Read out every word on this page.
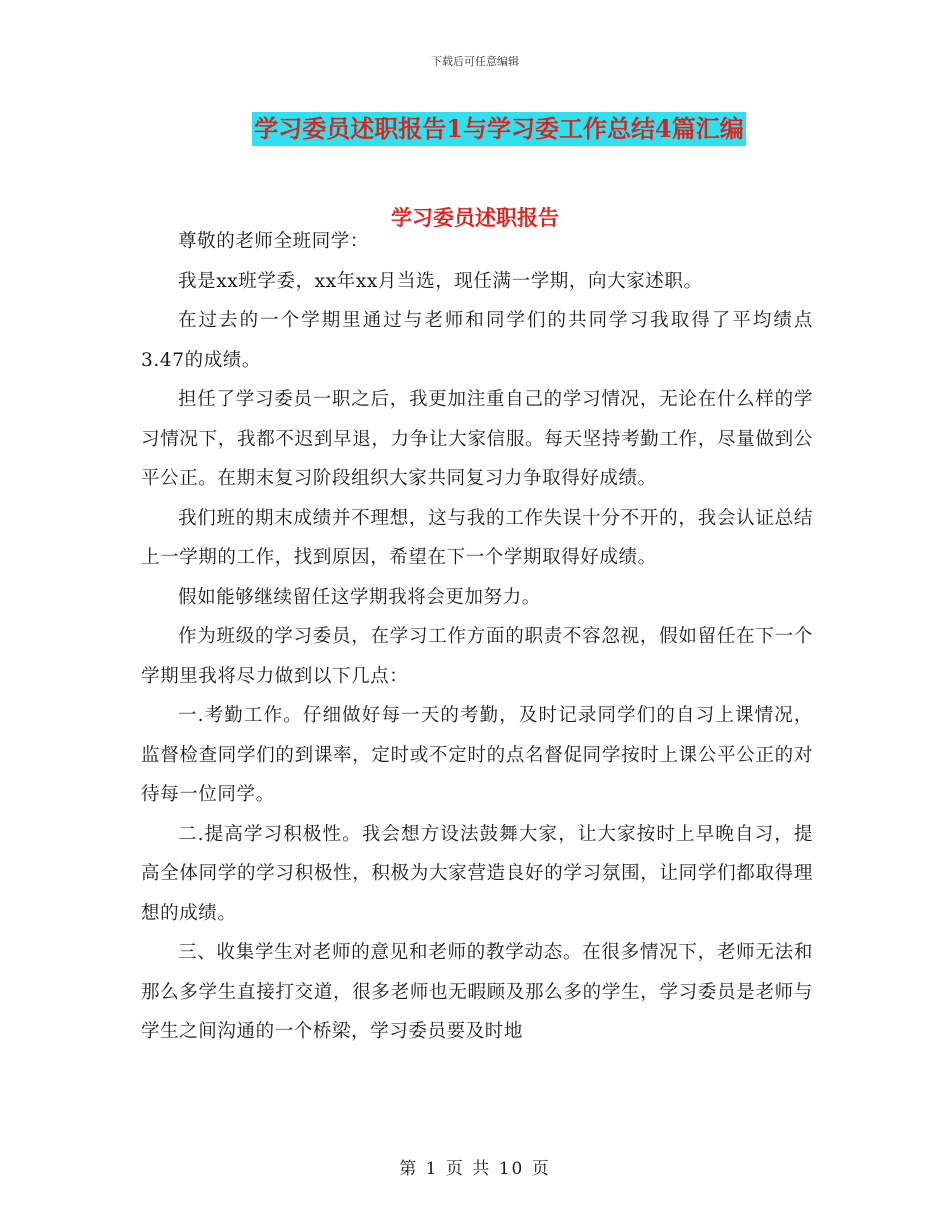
下载后可任意编辑
学习委员述职报告1与学习委工作总结4篇汇编
学习委员述职报告

尊敬的老师全班同学：

我是xx班学委，xx年xx月当选，现任满一学期，向大家述职。

在过去的一个学期里通过与老师和同学们的共同学习我取得了平均绩点3.47的成绩。

担任了学习委员一职之后，我更加注重自己的学习情况，无论在什么样的学习情况下，我都不迟到早退，力争让大家信服。每天坚持考勤工作，尽量做到公平公正。在期末复习阶段组织大家共同复习力争取得好成绩。

我们班的期末成绩并不理想，这与我的工作失误十分不开的，我会认证总结上一学期的工作，找到原因，希望在下一个学期取得好成绩。

假如能够继续留任这学期我将会更加努力。

作为班级的学习委员，在学习工作方面的职责不容忽视，假如留任在下一个学期里我将尽力做到以下几点：

一.考勤工作。仔细做好每一天的考勤，及时记录同学们的自习上课情况，监督检查同学们的到课率，定时或不定时的点名督促同学按时上课公平公正的对待每一位同学。

二.提高学习积极性。我会想方设法鼓舞大家，让大家按时上早晚自习，提高全体同学的学习积极性，积极为大家营造良好的学习氛围，让同学们都取得理想的成绩。

三、收集学生对老师的意见和老师的教学动态。在很多情况下，老师无法和那么多学生直接打交道，很多老师也无暇顾及那么多的学生，学习委员是老师与学生之间沟通的一个桥梁，学习委员要及时地

第 1 页 共 10 页
